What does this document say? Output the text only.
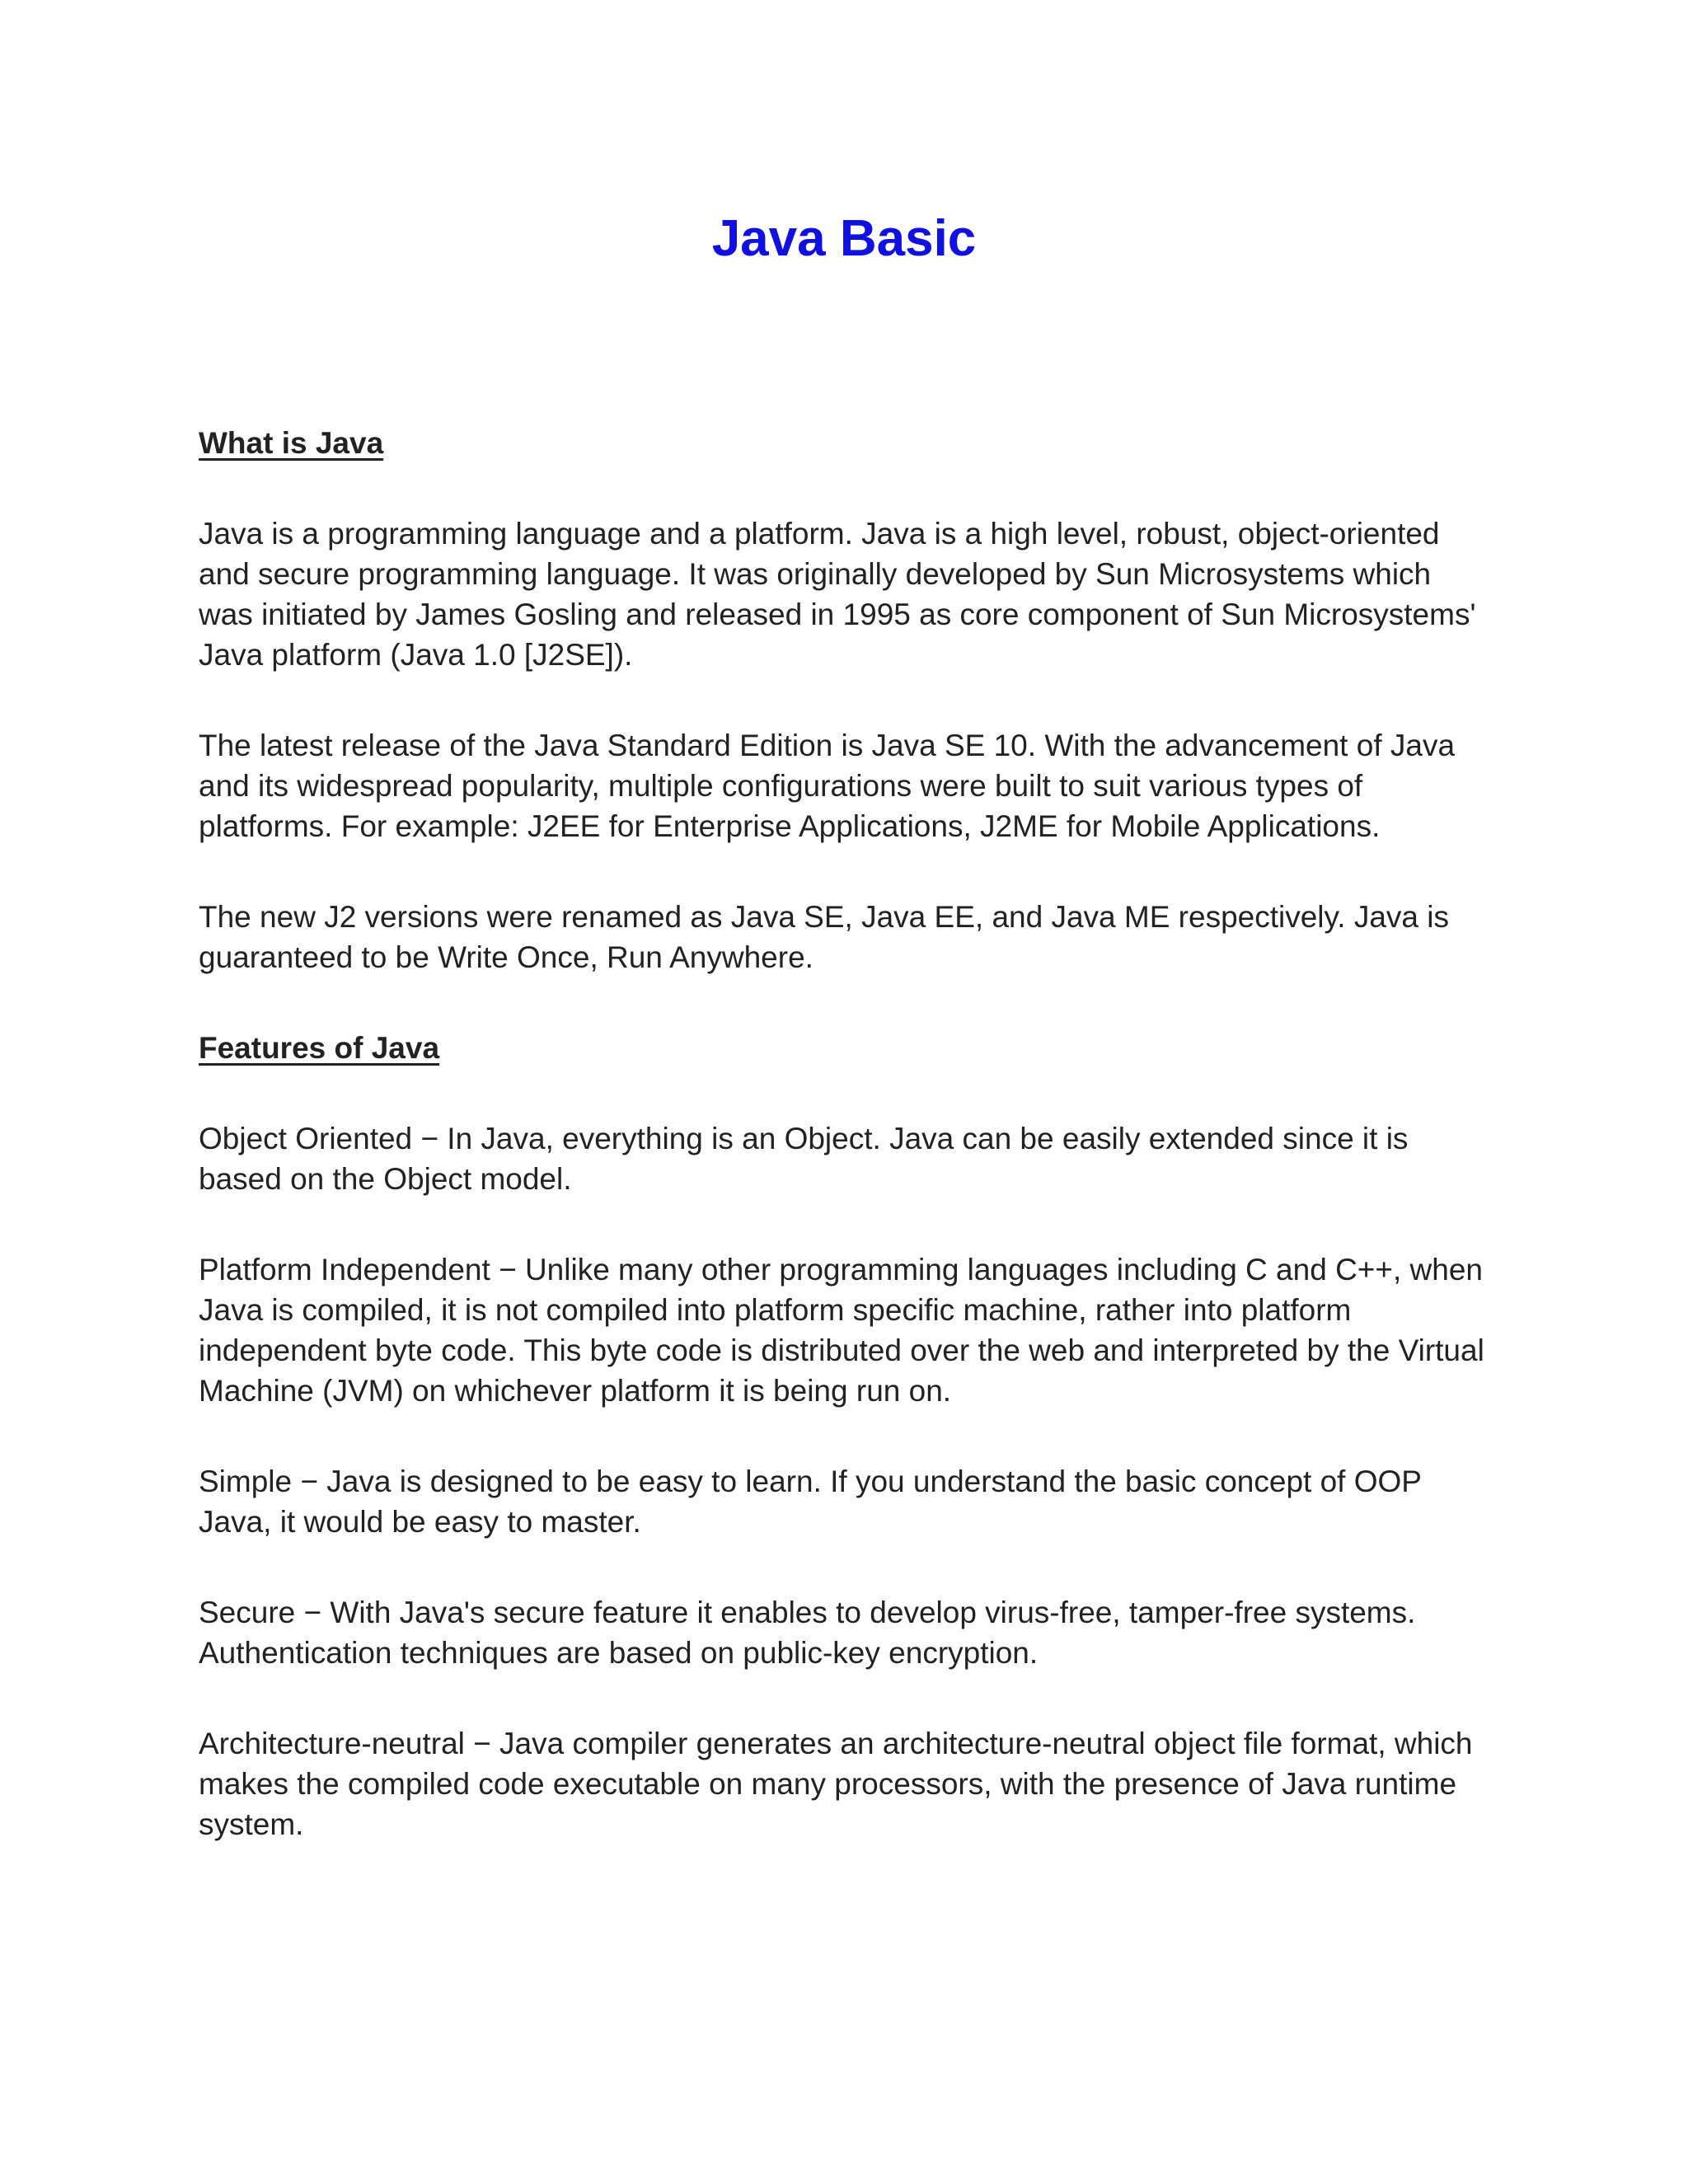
Java Basic
What is Java

Java is a programming language and a platform. Java is a high level, robust, object-oriented and secure programming language. It was originally developed by Sun Microsystems which was initiated by James Gosling and released in 1995 as core component of Sun Microsystems' Java platform (Java 1.0 [J2SE]).

The latest release of the Java Standard Edition is Java SE 10. With the advancement of Java and its widespread popularity, multiple configurations were built to suit various types of platforms. For example: J2EE for Enterprise Applications, J2ME for Mobile Applications.

The new J2 versions were renamed as Java SE, Java EE, and Java ME respectively. Java is guaranteed to be Write Once, Run Anywhere.

Features of Java

Object Oriented − In Java, everything is an Object. Java can be easily extended since it is based on the Object model.

Platform Independent − Unlike many other programming languages including C and C++, when Java is compiled, it is not compiled into platform specific machine, rather into platform independent byte code. This byte code is distributed over the web and interpreted by the Virtual Machine (JVM) on whichever platform it is being run on.

Simple − Java is designed to be easy to learn. If you understand the basic concept of OOP Java, it would be easy to master.

Secure − With Java's secure feature it enables to develop virus-free, tamper-free systems. Authentication techniques are based on public-key encryption.

Architecture-neutral − Java compiler generates an architecture-neutral object file format, which makes the compiled code executable on many processors, with the presence of Java runtime system.
